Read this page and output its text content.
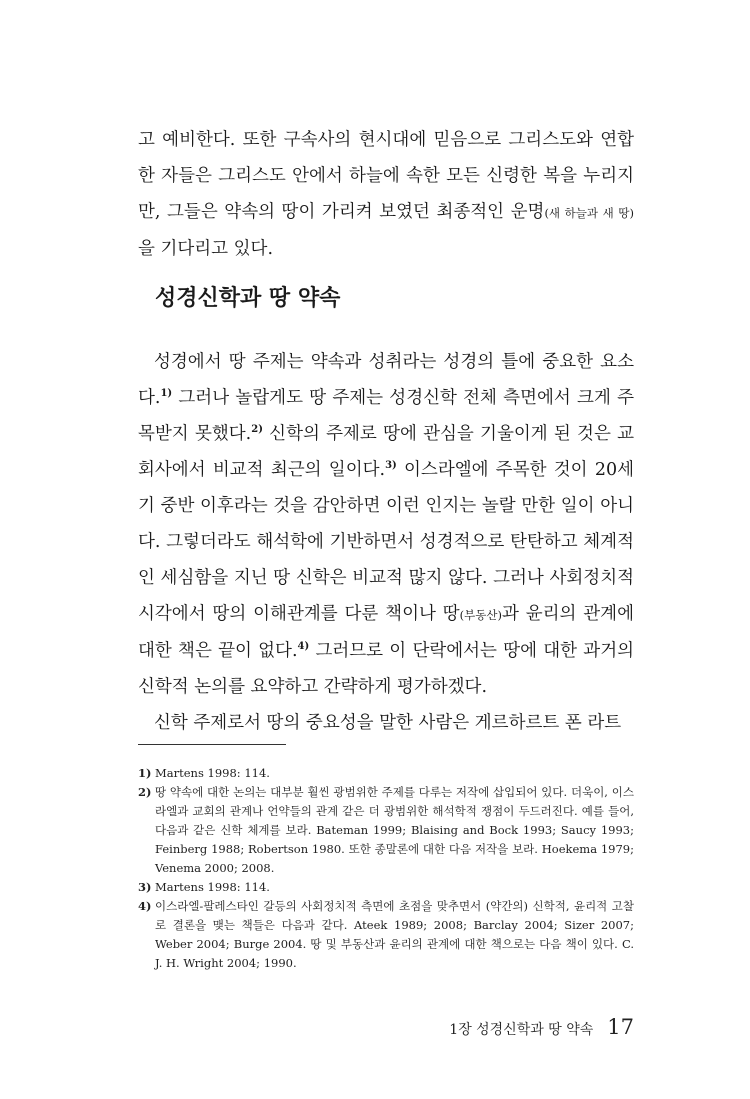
고 예비한다. 또한 구속사의 현시대에 믿음으로 그리스도와 연합한 자들은 그리스도 안에서 하늘에 속한 모든 신령한 복을 누리지만, 그들은 약속의 땅이 가리켜 보였던 최종적인 운명(새 하늘과 새 땅)을 기다리고 있다.

성경신학과 땅 약속

성경에서 땅 주제는 약속과 성취라는 성경의 틀에 중요한 요소다.$^{1)}$ 그러나 놀랍게도 땅 주제는 성경신학 전체 측면에서 크게 주목받지 못했다.$^{2)}$ 신학의 주제로 땅에 관심을 기울이게 된 것은 교회사에서 비교적 최근의 일이다.$^{3)}$ 이스라엘에 주목한 것이 20세기 중반 이후라는 것을 감안하면 이런 인지는 놀랄 만한 일이 아니다. 그렇더라도 해석학에 기반하면서 성경적으로 탄탄하고 체계적인 세심함을 지닌 땅 신학은 비교적 많지 않다. 그러나 사회정치적 시각에서 땅의 이해관계를 다룬 책이나 땅(부동산)과 윤리의 관계에 대한 책은 끝이 없다.$^{4)}$ 그러므로 이 단락에서는 땅에 대한 과거의 신학적 논의를 요약하고 간략하게 평가하겠다.

신학 주제로서 땅의 중요성을 말한 사람은 게르하르트 폰 라트

1) Martens 1998: 114.
2) 땅 약속에 대한 논의는 대부분 훨씬 광범위한 주제를 다루는 저작에 삽입되어 있다. 더욱이, 이스라엘과 교회의 관계나 언약들의 관계 같은 더 광범위한 해석학적 쟁점이 두드러진다. 예를 들어, 다음과 같은 신학 체계를 보라. Bateman 1999; Blaising and Bock 1993; Saucy 1993; Feinberg 1988; Robertson 1980. 또한 종말론에 대한 다음 저작을 보라. Hoekema 1979; Venema 2000; 2008.
3) Martens 1998: 114.
4) 이스라엘-팔레스타인 갈등의 사회정치적 측면에 초점을 맞추면서 (약간의) 신학적, 윤리적 고찰로 결론을 맺는 책들은 다음과 같다. Ateek 1989; 2008; Barclay 2004; Sizer 2007; Weber 2004; Burge 2004. 땅 및 부동산과 윤리의 관계에 대한 책으로는 다음 책이 있다. C. J. H. Wright 2004; 1990.
1장 성경신학과 땅 약속 17
